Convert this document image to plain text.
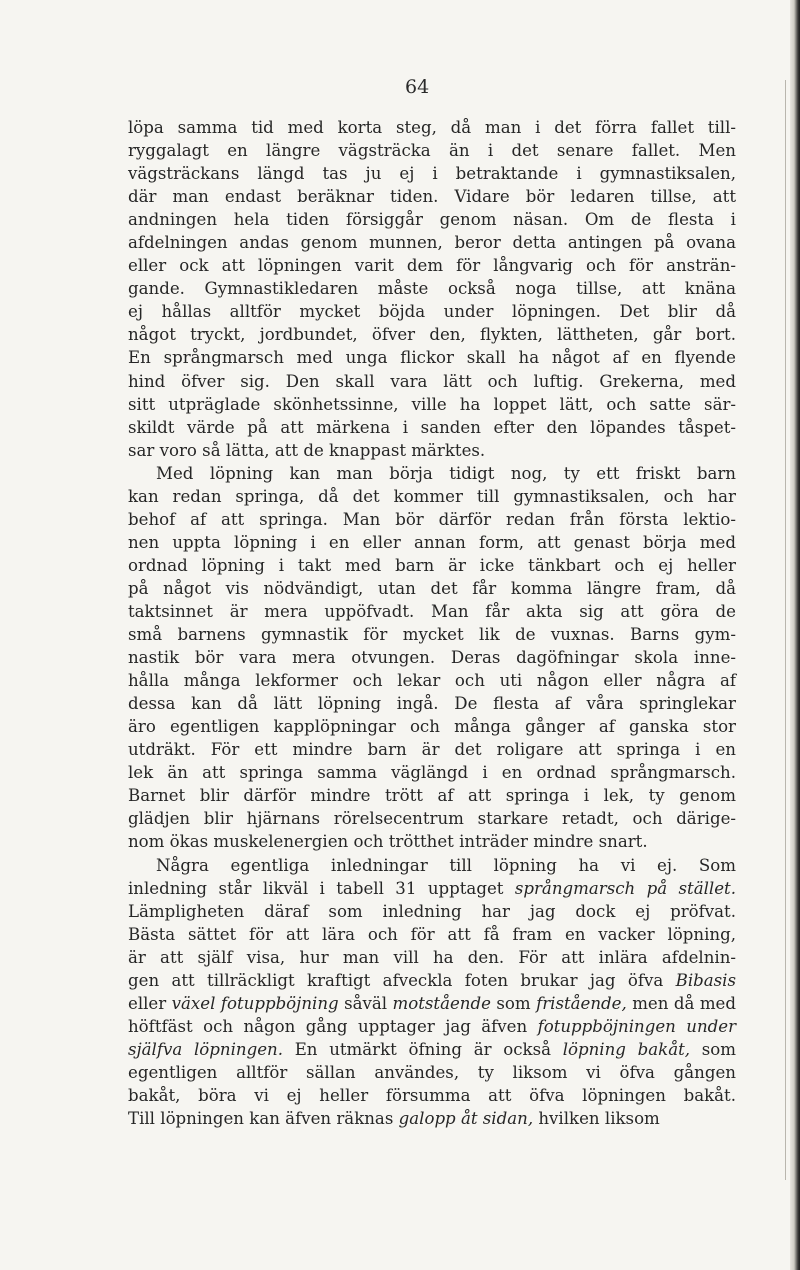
64
löpa samma tid med korta steg, då man i det förra fallet till-
ryggalagt en längre vägsträcka än i det senare fallet. Men
vägsträckans längd tas ju ej i betraktande i gymnastiksalen,
där man endast beräknar tiden. Vidare bör ledaren tillse, att
andningen hela tiden försiggår genom näsan. Om de flesta i
afdelningen andas genom munnen, beror detta antingen på ovana
eller ock att löpningen varit dem för långvarig och för ansträn-
gande. Gymnastikledaren måste också noga tillse, att knäna
ej hållas alltför mycket böjda under löpningen. Det blir då
något tryckt, jordbundet, öfver den, flykten, lättheten, går bort.
En språngmarsch med unga flickor skall ha något af en flyende
hind öfver sig. Den skall vara lätt och luftig. Grekerna, med
sitt utpräglade skönhetssinne, ville ha loppet lätt, och satte sär-
skildt värde på att märkena i sanden efter den löpandes tåspet-
sar voro så lätta, att de knappast märktes.
Med löpning kan man börja tidigt nog, ty ett friskt barn
kan redan springa, då det kommer till gymnastiksalen, och har
behof af att springa. Man bör därför redan från första lektio-
nen uppta löpning i en eller annan form, att genast börja med
ordnad löpning i takt med barn är icke tänkbart och ej heller
på något vis nödvändigt, utan det får komma längre fram, då
taktsinnet är mera uppöfvadt. Man får akta sig att göra de
små barnens gymnastik för mycket lik de vuxnas. Barns gym-
nastik bör vara mera otvungen. Deras dagöfningar skola inne-
hålla många lekformer och lekar och uti någon eller några af
dessa kan då lätt löpning ingå. De flesta af våra springlekar
äro egentligen kapplöpningar och många gånger af ganska stor
utdräkt. För ett mindre barn är det roligare att springa i en
lek än att springa samma väglängd i en ordnad språngmarsch.
Barnet blir därför mindre trött af att springa i lek, ty genom
glädjen blir hjärnans rörelsecentrum starkare retadt, och därige-
nom ökas muskelenergien och trötthet inträder mindre snart.
Några egentliga inledningar till löpning ha vi ej. Som
inledning står likväl i tabell 31 upptaget språngmarsch på stället.
Lämpligheten däraf som inledning har jag dock ej pröfvat.
Bästa sättet för att lära och för att få fram en vacker löpning,
är att själf visa, hur man vill ha den. För att inlära afdelnin-
gen att tillräckligt kraftigt afveckla foten brukar jag öfva Bibasis
eller växel fotuppböjning såväl motstående som fristående, men då med
höftfäst och någon gång upptager jag äfven fotuppböjningen under
själfva löpningen. En utmärkt öfning är också löpning bakåt, som
egentligen alltför sällan användes, ty liksom vi öfva gången
bakåt, böra vi ej heller försumma att öfva löpningen bakåt.
Till löpningen kan äfven räknas galopp åt sidan, hvilken liksom
